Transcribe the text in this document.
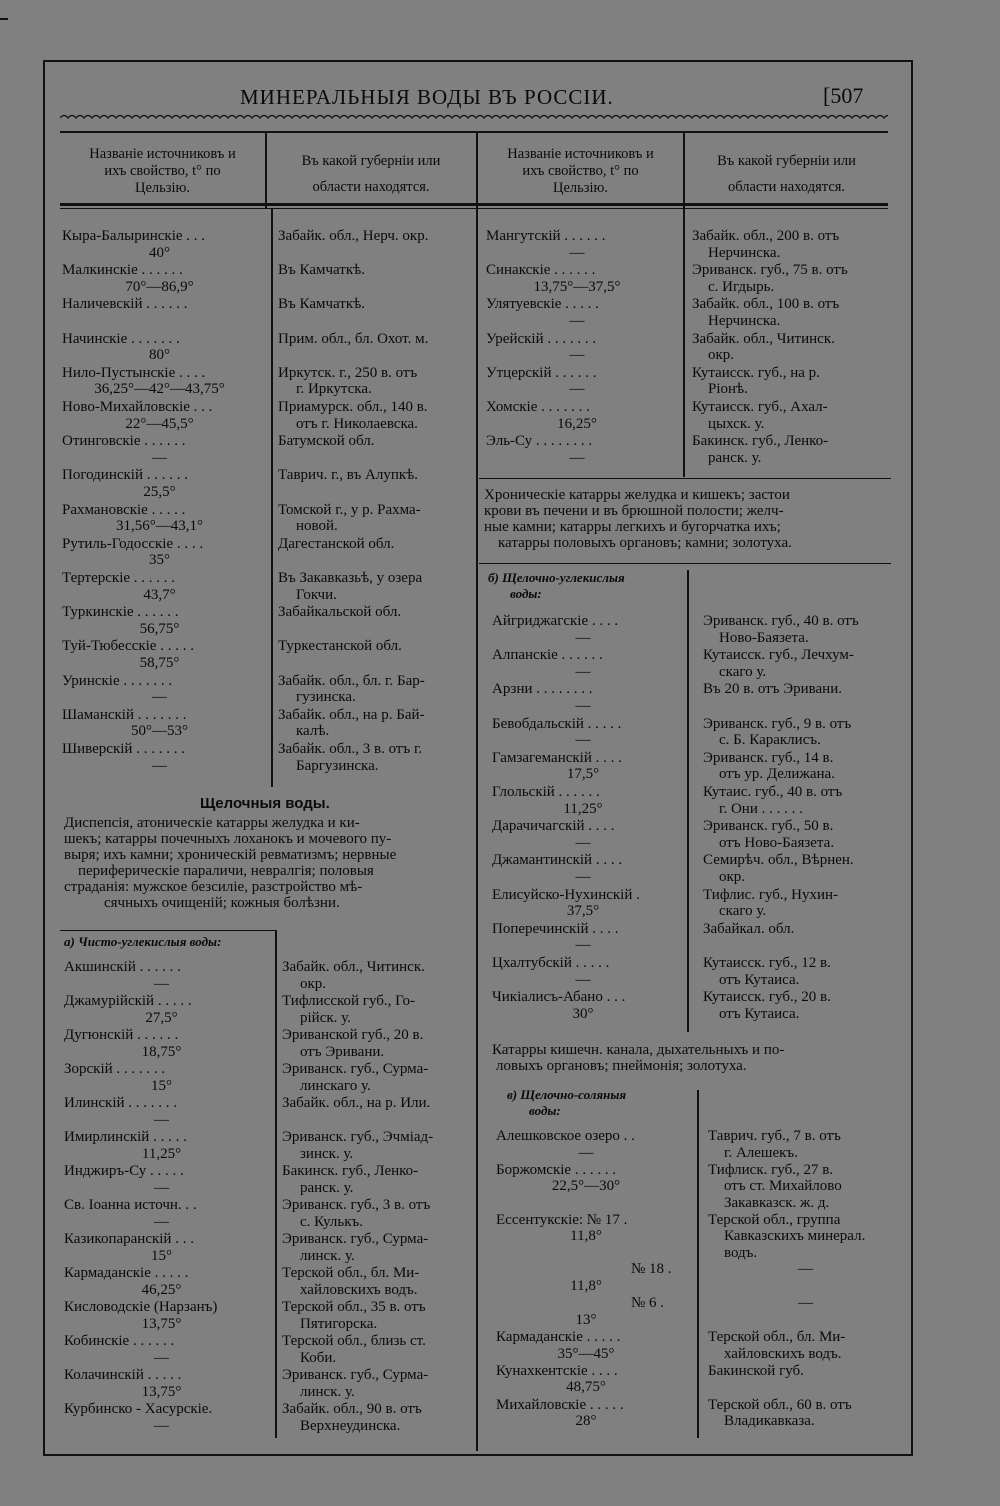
МИНЕРАЛЬНЫЯ ВОДЫ ВЪ РОССІИ.	[507
Названіе источниковъ и
ихъ свойство, t° по
Цельзію.
Въ какой губерніи или
области находятся.
Названіе источниковъ и
ихъ свойство, t° по
Цельзію.
Въ какой губерніи или
области находятся.
Кыра-Балыринскіе . . .
40°
Забайк. обл., Нерч. окр.
Малкинскіе . . . . . .
70°—86,9°
Въ Камчаткѣ.
Наличевскій . . . . . .	Въ Камчаткѣ.
Начинскіе . . . . . . .
80°
Прим. обл., бл. Охот. м.
Нило-Пустынскіе . . . .
36,25°—42°—43,75°
Иркутск. г., 250 в. отъ
г. Иркутска.
Ново-Михайловскіе . . .
22°—45,5°
Приамурск. обл., 140 в.
отъ г. Николаевска.
Отинговскіе . . . . . .
—
Батумской обл.
Погодинскій . . . . . .
25,5°
Таврич. г., въ Алупкѣ.
Рахмановскіе . . . . .
31,56°—43,1°
Томской г., у р. Рахма-
новой.
Рутиль-Годосскіе . . . .
35°
Дагестанской обл.
Тертерскіе . . . . . .
43,7°
Въ Закавказьѣ, у озера
Гокчи.
Туркинскіе . . . . . .
56,75°
Забайкальской обл.
Туй-Тюбесскіе . . . . .
58,75°
Туркестанской обл.
Уринскіе . . . . . . .
—
Забайк. обл., бл. г. Бар-
гузинска.
Шаманскій . . . . . . .
50°—53°
Забайк. обл., на р. Бай-
калѣ.
Шиверскій . . . . . . .
—
Забайк. обл., 3 в. отъ г.
Баргузинска.
Щелочныя воды.
Диспепсія, атоническіе катарры желудка и ки-
шекъ; катарры почечныхъ лоханокъ и мочевого пу-
выря; ихъ камни; хроническій ревматизмъ; нервные
периферическіе параличи, невралгія; половыя
страданія: мужское безсиліе, разстройство мѣ-
сячныхъ очищеній; кожныя болѣзни.
а) Чисто-углекислыя воды:
Акшинскій . . . . . .
—
Забайк. обл., Читинск.
окр.
Джамурійскій . . . . .
27,5°
Тифлисской губ., Го-
рійск. у.
Дугюнскій . . . . . .
18,75°
Эриванской губ., 20 в.
отъ Эривани.
Зорскій . . . . . . .
15°
Эриванск. губ., Сурма-
линскаго у.
Илинскій . . . . . . .
—
Забайк. обл., на р. Или.
Имирлинскій . . . . .
11,25°
Эриванск. губ., Эчміад-
зинск. у.
Инджиръ-Су . . . . .
—
Бакинск. губ., Ленко-
ранск. у.
Св. Іоанна источн. . .
—
Эриванск. губ., 3 в. отъ
с. Кулькъ.
Казикопаранскій . . .
15°
Эриванск. губ., Сурма-
линск. у.
Кармаданскіе . . . . .
46,25°
Терской обл., бл. Ми-
хайловскихъ водъ.
Кисловодскіе (Нарзанъ)
13,75°
Терской обл., 35 в. отъ
Пятигорска.
Кобинскіе . . . . . .
—
Терской обл., близь ст.
Коби.
Колачинскій . . . . .
13,75°
Эриванск. губ., Сурма-
линск. у.
Курбинско - Хасурскіе.
—
Забайк. обл., 90 в. отъ
Верхнеудинска.
Мангутскій . . . . . .
—
Забайк. обл., 200 в. отъ
Нерчинска.
Синакскіе . . . . . .
13,75°—37,5°
Эриванск. губ., 75 в. отъ
с. Игдырь.
Улятуевскіе . . . . .
—
Забайк. обл., 100 в. отъ
Нерчинска.
Урейскій . . . . . . .
—
Забайк. обл., Читинск.
окр.
Утцерскій . . . . . .
—
Кутаисск. губ., на р.
Ріонѣ.
Хомскіе . . . . . . .
16,25°
Кутаисск. губ., Ахал-
цыхск. у.
Эль-Су . . . . . . . .
—
Бакинск. губ., Ленко-
ранск. у.
Хроническіе катарры желудка и кишекъ; застои
крови въ печени и въ брюшной полости; желч-
ные камни; катарры легкихъ и бугорчатка ихъ;
катарры половыхъ органовъ; камни; золотуха.
б) Щелочно-углекислыя
воды:
Айгриджагскіе . . . .
—
Эриванск. губ., 40 в. отъ
Ново-Баязета.
Алпанскіе . . . . . .
—
Кутаисск. губ., Лечхум-
скаго у.
Арзни . . . . . . . .
—
Въ 20 в. отъ Эривани.
Бевобдальскій . . . . .
—
Эриванск. губ., 9 в. отъ
с. Б. Караклисъ.
Гамзагеманскій . . . .
17,5°
Эриванск. губ., 14 в.
отъ ур. Делижана.
Глольскій . . . . . .
11,25°
Кутаис. губ., 40 в. отъ
г. Они . . . . . .
Дарачичагскій . . . .
—
Эриванск. губ., 50 в.
отъ Ново-Баязета.
Джамантинскій . . . .
—
Семирѣч. обл., Вѣрнен.
окр.
Елисуйско-Нухинскій .
37,5°
Тифлис. губ., Нухин-
скаго у.
Поперечинскій . . . .
—
Забайкал. обл.
Цхалтубскій . . . . .
—
Кутаисск. губ., 12 в.
отъ Кутаиса.
Чикіалисъ-Абано . . .
30°
Кутаисск. губ., 20 в.
отъ Кутаиса.
Катарры кишечн. канала, дыхательныхъ и по-
ловыхъ органовъ; пнеймонія; золотуха.
в) Щелочно-соляныя
воды:
Алешковское озеро . .
—
Таврич. губ., 7 в. отъ
г. Алешекъ.
Боржомскіе . . . . . .
22,5°—30°
Тифлиск. губ., 27 в.
отъ ст. Михайлово
Закавказск. ж. д.
Ессентукскіе: № 17 .
11,8°
Терской обл., группа
Кавказскихъ минерал.
водъ.
№ 18 .
11,8°
—
№ 6 .
13°
—
Кармаданскіе . . . . .
35°—45°
Терской обл., бл. Ми-
хайловскихъ водъ.
Кунахкентскіе . . . .
48,75°
Бакинской губ.
Михайловскіе . . . . .
28°
Терской обл., 60 в. отъ
Владикавказа.
